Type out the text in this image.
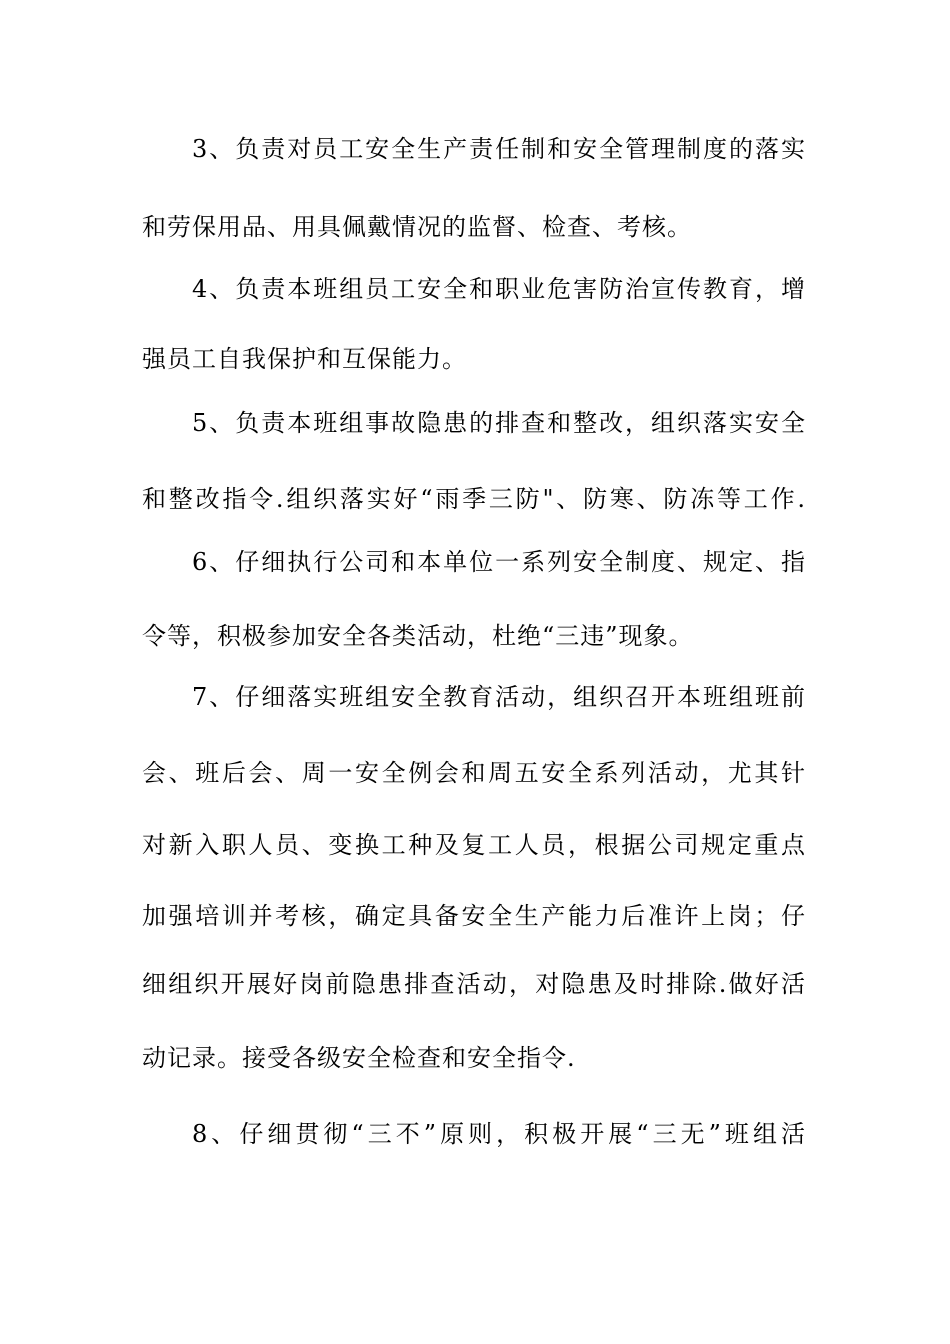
3、负责对员工安全生产责任制和安全管理制度的落实
和劳保用品、用具佩戴情况的监督、检查、考核。
4、负责本班组员工安全和职业危害防治宣传教育，增
强员工自我保护和互保能力。
5、负责本班组事故隐患的排查和整改，组织落实安全
和整改指令.组织落实好“雨季三防"、防寒、防冻等工作.
6、仔细执行公司和本单位一系列安全制度、规定、指
令等，积极参加安全各类活动，杜绝“三违”现象。
7、仔细落实班组安全教育活动，组织召开本班组班前
会、班后会、周一安全例会和周五安全系列活动，尤其针
对新入职人员、变换工种及复工人员，根据公司规定重点
加强培训并考核，确定具备安全生产能力后准许上岗；仔
细组织开展好岗前隐患排查活动，对隐患及时排除.做好活
动记录。接受各级安全检查和安全指令.
8、仔细贯彻“三不”原则，积极开展“三无”班组活
